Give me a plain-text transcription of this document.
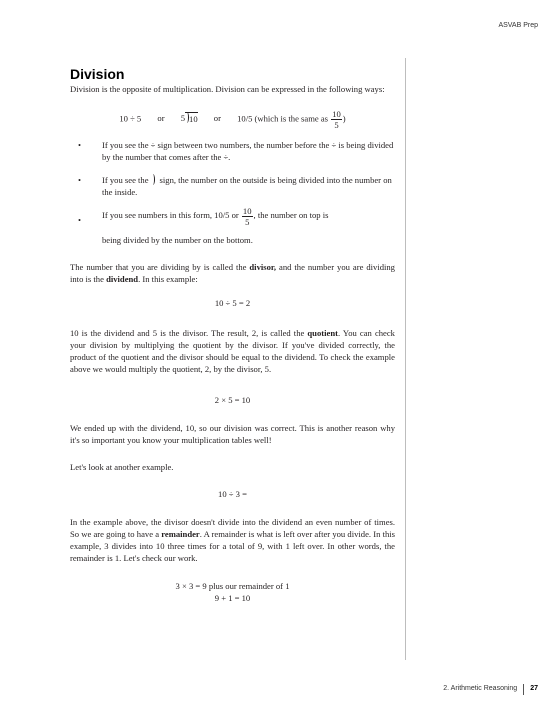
ASVAB Prep
Division

Division is the opposite of multiplication. Division can be expressed in the following ways:

10 ÷ 5 or 5 10 or 10/5 (which is the same as $\frac{10}{5}$ )
• If you see the ÷ sign between two numbers, the number before the ÷ is being divided by the number that comes after the ÷.
• If you see the sign, the number on the outside is being divided into the number on the inside.
• If you see numbers in this form, 10/5 or $\frac{10}{5}$ , the number on top is
being divided by the number on the bottom.

The number that you are dividing by is called the divisor, and the number you are dividing into is the dividend. In this example:

10 ÷ 5 = 2

10 is the dividend and 5 is the divisor. The result, 2, is called the quotient. You can check your division by multiplying the quotient by the divisor. If you've divided correctly, the product of the quotient and the divisor should be equal to the dividend. To check the example above we would multiply the quotient, 2, by the divisor, 5.

2 × 5 = 10

We ended up with the dividend, 10, so our division was correct. This is another reason why it's so important you know your multiplication tables well!

Let's look at another example.

10 ÷ 3 =

In the example above, the divisor doesn't divide into the dividend an even number of times. So we are going to have a remainder. A remainder is what is left over after you divide. In this example, 3 divides into 10 three times for a total of 9, with 1 left over. In other words, the remainder is 1. Let's check our work.

3 × 3 = 9 plus our remainder of 1
9 + 1 = 10
2. Arithmetic Reasoning 27
